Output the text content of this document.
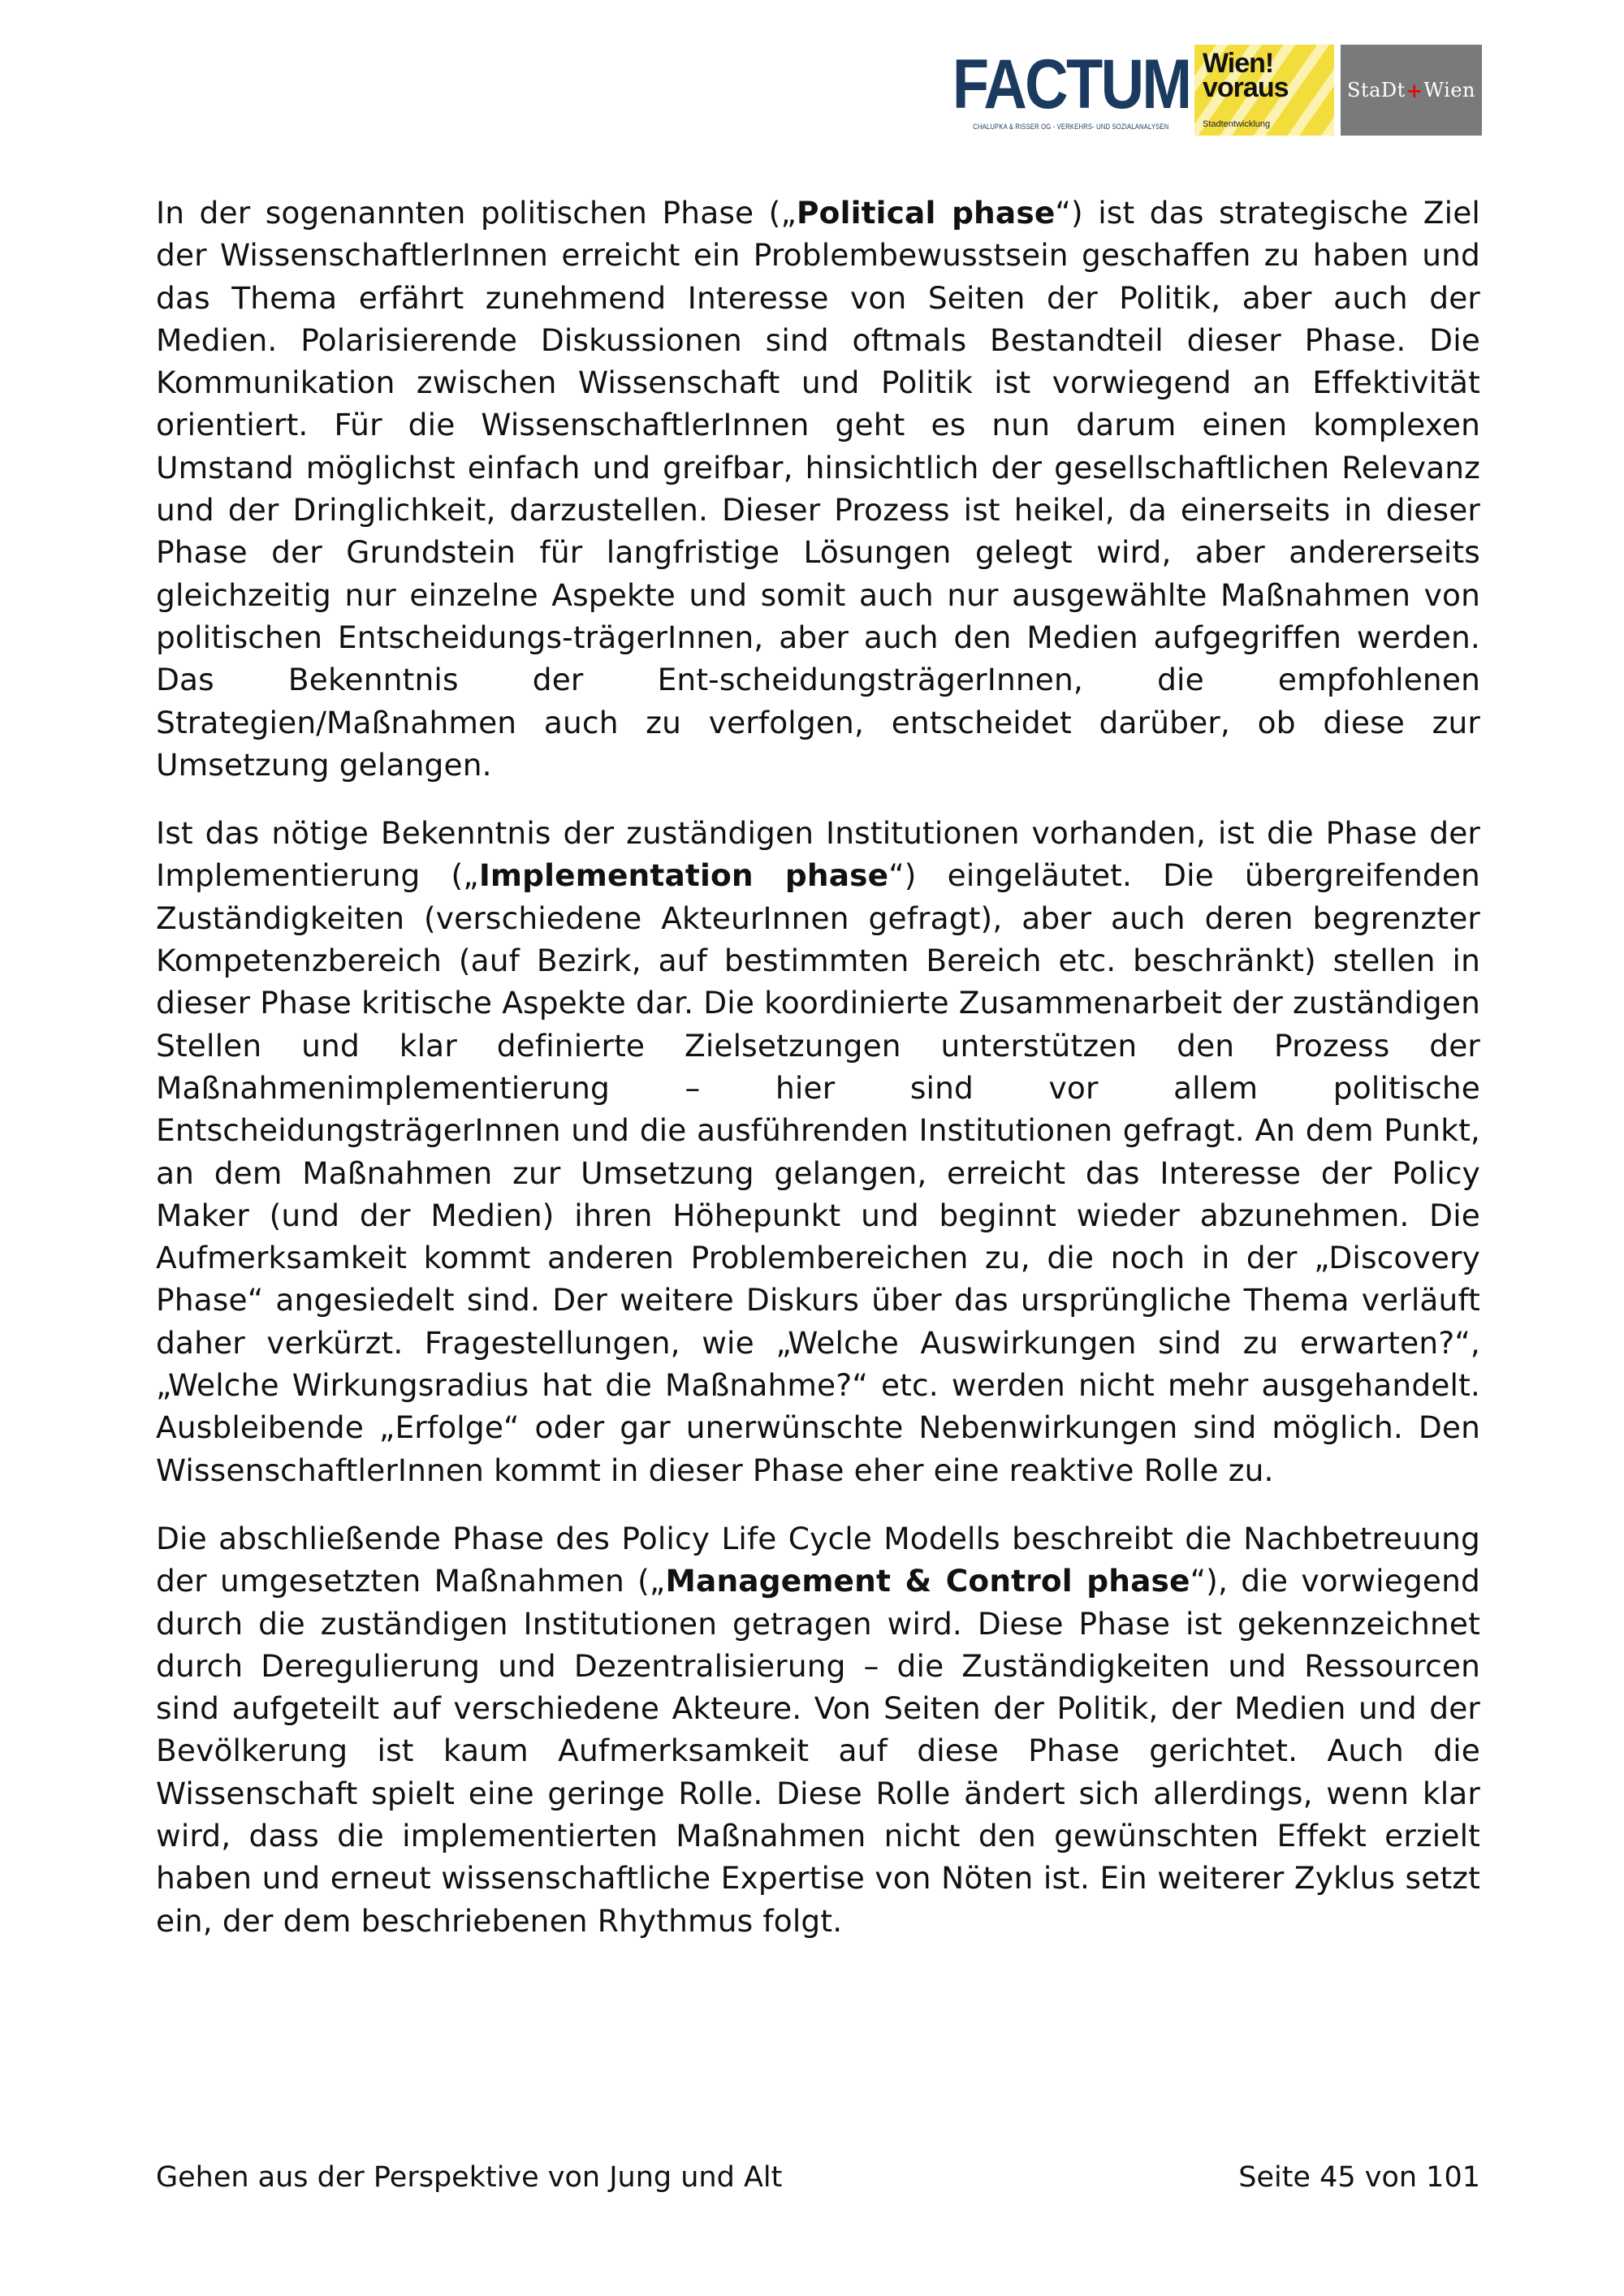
FACTUM
CHALUPKA & RISSER OG - VERKEHRS- UND SOZIALANALYSEN
Wien!
voraus
Stadtentwicklung
StaDt + Wien

In der sogenannten politischen Phase („Political phase“) ist das strategische Ziel der WissenschaftlerInnen erreicht ein Problembewusstsein geschaffen zu haben und das Thema erfährt zunehmend Interesse von Seiten der Politik, aber auch der Medien. Polarisierende Diskussionen sind oftmals Bestandteil dieser Phase. Die Kommunikation zwischen Wissenschaft und Politik ist vorwiegend an Effektivität orientiert. Für die WissenschaftlerInnen geht es nun darum einen komplexen Umstand möglichst einfach und greifbar, hinsichtlich der gesellschaftlichen Relevanz und der Dringlichkeit, darzustellen. Dieser Prozess ist heikel, da einerseits in dieser Phase der Grundstein für langfristige Lösungen gelegt wird, aber andererseits gleichzeitig nur einzelne Aspekte und somit auch nur ausgewählte Maßnahmen von politischen Entscheidungs-trägerInnen, aber auch den Medien aufgegriffen werden. Das Bekenntnis der Ent-scheidungsträgerInnen, die empfohlenen Strategien/Maßnahmen auch zu verfolgen, entscheidet darüber, ob diese zur Umsetzung gelangen.

Ist das nötige Bekenntnis der zuständigen Institutionen vorhanden, ist die Phase der Implementierung („Implementation phase“) eingeläutet. Die übergreifenden Zuständigkeiten (verschiedene AkteurInnen gefragt), aber auch deren begrenzter Kompetenzbereich (auf Bezirk, auf bestimmten Bereich etc. beschränkt) stellen in dieser Phase kritische Aspekte dar. Die koordinierte Zusammenarbeit der zuständigen Stellen und klar definierte Zielsetzungen unterstützen den Prozess der Maßnahmenimplementierung – hier sind vor allem politische EntscheidungsträgerInnen und die ausführenden Institutionen gefragt. An dem Punkt, an dem Maßnahmen zur Umsetzung gelangen, erreicht das Interesse der Policy Maker (und der Medien) ihren Höhepunkt und beginnt wieder abzunehmen. Die Aufmerksamkeit kommt anderen Problembereichen zu, die noch in der „Discovery Phase“ angesiedelt sind. Der weitere Diskurs über das ursprüngliche Thema verläuft daher verkürzt. Fragestellungen, wie „Welche Auswirkungen sind zu erwarten?“, „Welche Wirkungsradius hat die Maßnahme?“ etc. werden nicht mehr ausgehandelt. Ausbleibende „Erfolge“ oder gar unerwünschte Nebenwirkungen sind möglich. Den WissenschaftlerInnen kommt in dieser Phase eher eine reaktive Rolle zu.

Die abschließende Phase des Policy Life Cycle Modells beschreibt die Nachbetreuung der umgesetzten Maßnahmen („Management & Control phase“), die vorwiegend durch die zuständigen Institutionen getragen wird. Diese Phase ist gekennzeichnet durch Deregulierung und Dezentralisierung – die Zuständigkeiten und Ressourcen sind aufgeteilt auf verschiedene Akteure. Von Seiten der Politik, der Medien und der Bevölkerung ist kaum Aufmerksamkeit auf diese Phase gerichtet. Auch die Wissenschaft spielt eine geringe Rolle. Diese Rolle ändert sich allerdings, wenn klar wird, dass die implementierten Maßnahmen nicht den gewünschten Effekt erzielt haben und erneut wissenschaftliche Expertise von Nöten ist. Ein weiterer Zyklus setzt ein, der dem beschriebenen Rhythmus folgt.

Gehen aus der Perspektive von Jung und Alt	Seite 45 von 101
